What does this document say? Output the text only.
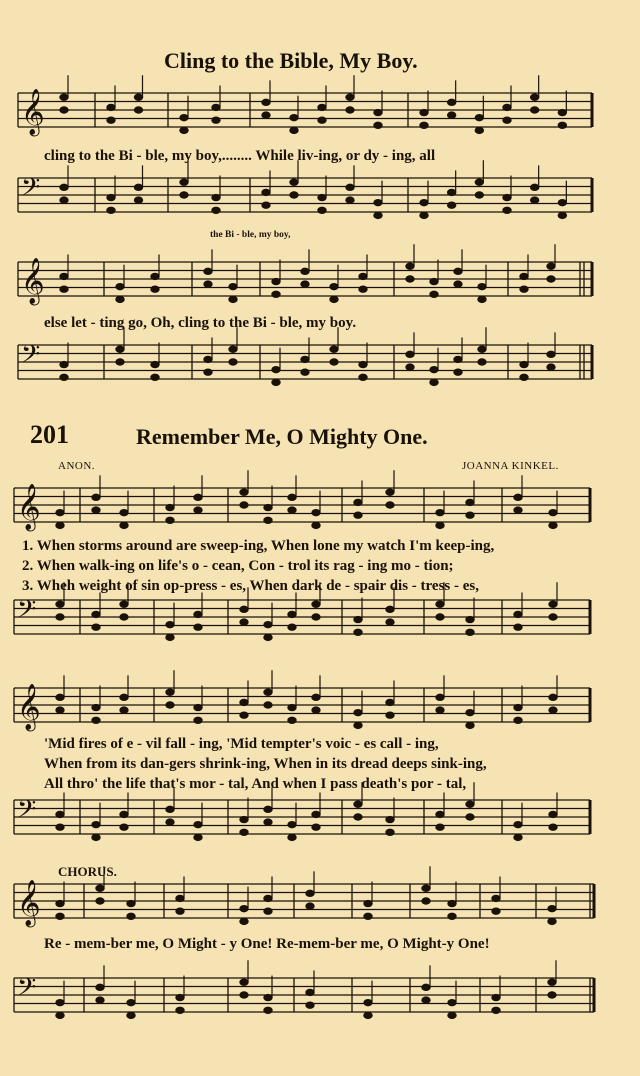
Cling to the Bible, My Boy.
cling to the Bi - ble, my boy,........ While liv-ing, or dy - ing, all
the Bi - ble, my boy,
else let - ting go, Oh, cling to the Bi - ble, my boy.
201	Remember Me, O Mighty One.
ANON.	JOANNA KINKEL.
1. When storms around are sweep-ing, When lone my watch I'm keep-ing,
2. When walk-ing on life's o - cean, Con - trol its rag - ing mo - tion;
3. Wheh weight of sin op-press - es, When dark de - spair dis - tress - es,
'Mid fires of e - vil fall - ing, 'Mid tempter's voic - es call - ing,
When from its dan-gers shrink-ing, When in its dread deeps sink-ing,
All thro' the life that's mor - tal, And when I pass death's por - tal,
CHORUS.
Re - mem-ber me, O Might - y One! Re-mem-ber me, O Might-y One!
𝄞
𝄢
𝄞
𝄢
𝄞
𝄢
𝄞
𝄢
𝄞
𝄢
